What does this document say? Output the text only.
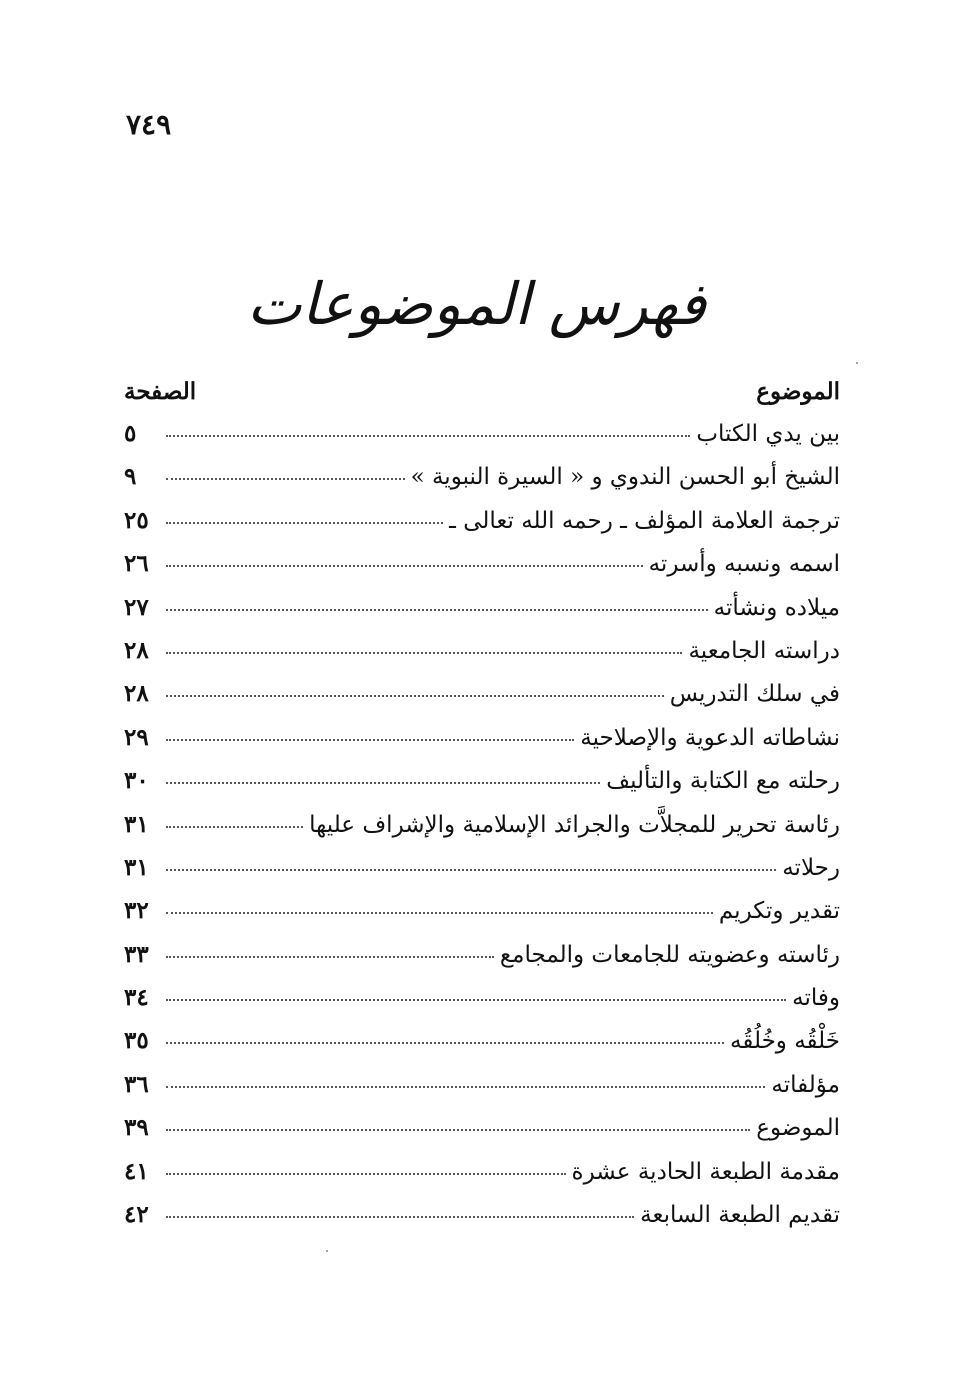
٧٤٩
فهرس الموضوعات
الموضوع
الصفحة
بين يدي الكتاب
٥
الشيخ أبو الحسن الندوي و « السيرة النبوية »
٩
ترجمة العلامة المؤلف ـ رحمه الله تعالى ـ
٢٥
اسمه ونسبه وأسرته
٢٦
ميلاده ونشأته
٢٧
دراسته الجامعية
٢٨
في سلك التدريس
٢٨
نشاطاته الدعوية والإصلاحية
٢٩
رحلته مع الكتابة والتأليف
٣٠
رئاسة تحرير للمجلاَّت والجرائد الإسلامية والإشراف عليها
٣١
رحلاته
٣١
تقدير وتكريم
٣٢
رئاسته وعضويته للجامعات والمجامع
٣٣
وفاته
٣٤
خَلْقُه وخُلُقُه
٣٥
مؤلفاته
٣٦
الموضوع
٣٩
مقدمة الطبعة الحادية عشرة
٤١
تقديم الطبعة السابعة
٤٢
